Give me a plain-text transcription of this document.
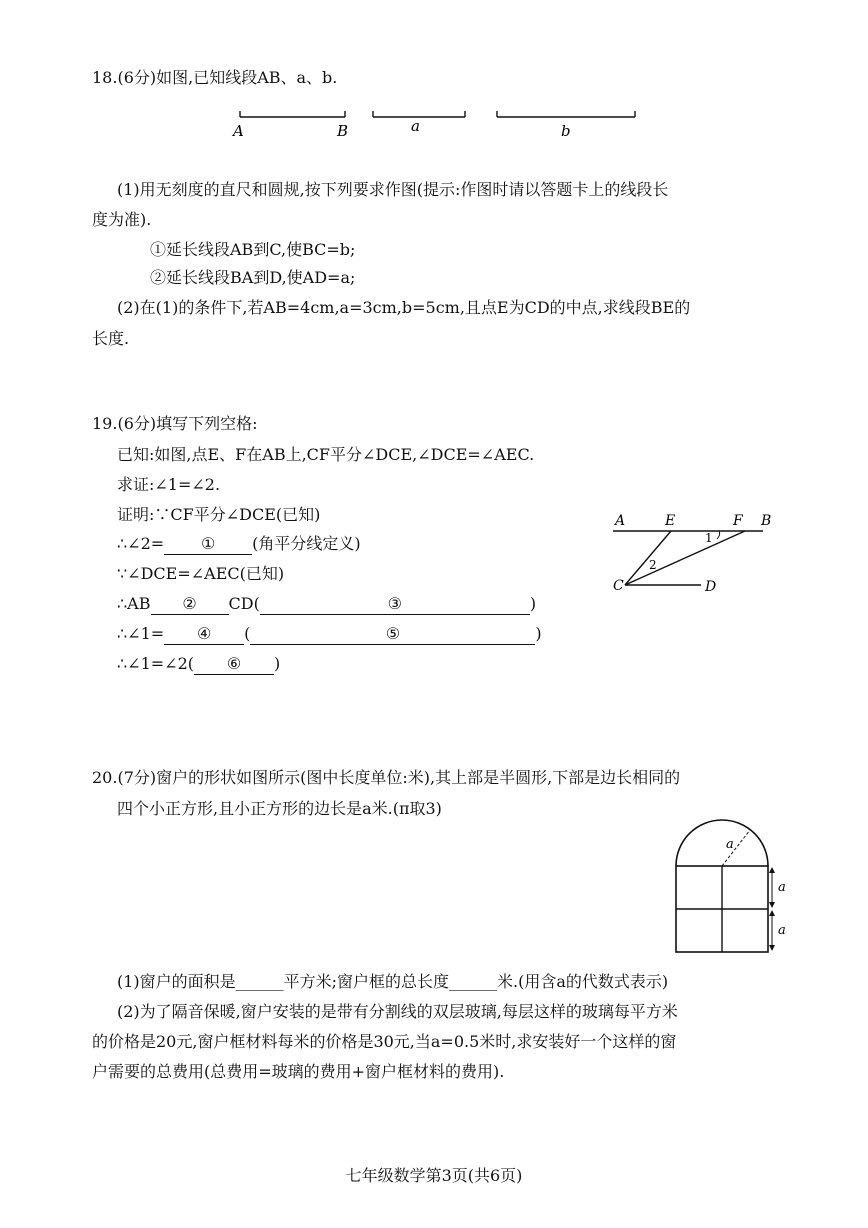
18.(6分)如图,已知线段AB、a、b.
A	B	a	b
(1)用无刻度的直尺和圆规,按下列要求作图(提示:作图时请以答题卡上的线段长
度为准).
①延长线段AB到C,使BC=b;
②延长线段BA到D,使AD=a;
(2)在(1)的条件下,若AB=4cm,a=3cm,b=5cm,且点E为CD的中点,求线段BE的
长度.
19.(6分)填写下列空格:
已知:如图,点E、F在AB上,CF平分∠DCE,∠DCE=∠AEC.
求证:∠1=∠2.
证明:∵CF平分∠DCE(已知)
∴∠2= ① (角平分线定义)
∵∠DCE=∠AEC(已知)
∴AB ② CD(	③	)
∴∠1= ④ (	⑤	)
∴∠1=∠2( ⑥ )
A	E	F B
C	D
1
2
20.(7分)窗户的形状如图所示(图中长度单位:米),其上部是半圆形,下部是边长相同的
四个小正方形,且小正方形的边长是a米.(π取3)
a
a
a
(1)窗户的面积是______平方米;窗户框的总长度______米.(用含a的代数式表示)
(2)为了隔音保暖,窗户安装的是带有分割线的双层玻璃,每层这样的玻璃每平方米
的价格是20元,窗户框材料每米的价格是30元,当a=0.5米时,求安装好一个这样的窗
户需要的总费用(总费用=玻璃的费用+窗户框材料的费用).
七年级数学第3页(共6页)
